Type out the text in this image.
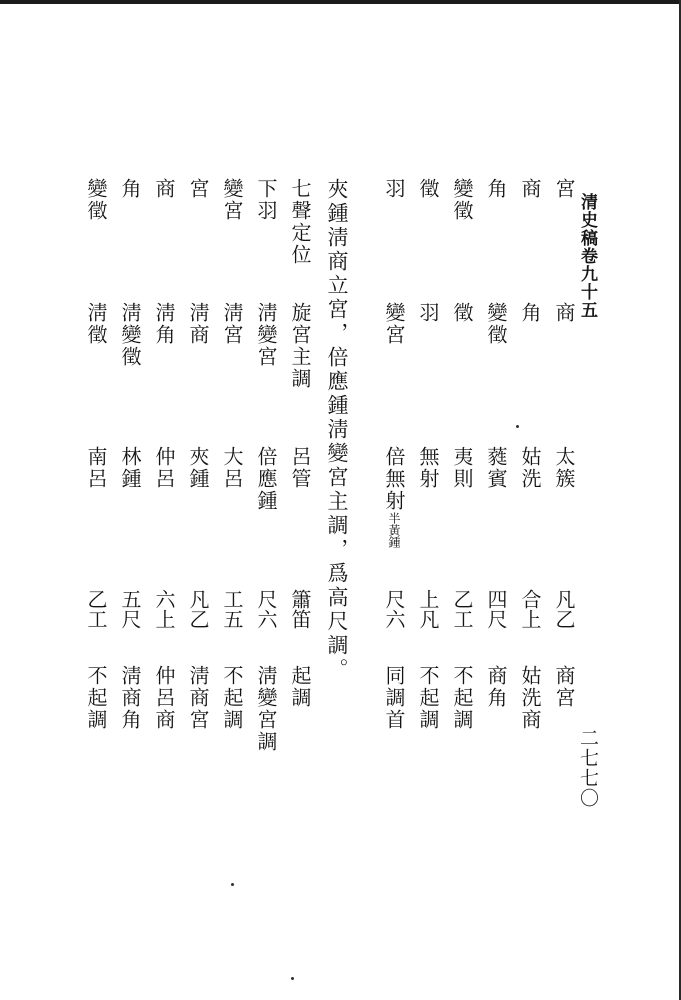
清史稿卷九十五
二七七〇
宮
商
太簇
凡
乙
商宮
商
角
姑洗
合
上
姑洗商
角
變徵
蕤賓
四
尺
商角
變徵
徵
夷則
乙
工
不起調
徵
羽
無射
上
凡
不起調
羽
變宮
倍無射半黃鍾
尺
六
同調首
夾鍾淸商立宮，倍應鍾淸變宮主調，爲高尺調。
七聲定位
旋宮主調
呂管
簫
笛
起調
下羽
淸變宮
倍應鍾
尺
六
淸變宮調
變宮
淸宮
大呂
工
五
不起調
宮
淸商
夾鍾
凡
乙
淸商宮
商
淸角
仲呂
六
上
仲呂商
角
淸變徵
林鍾
五
尺
淸商角
變徵
淸徵
南呂
乙
工
不起調
